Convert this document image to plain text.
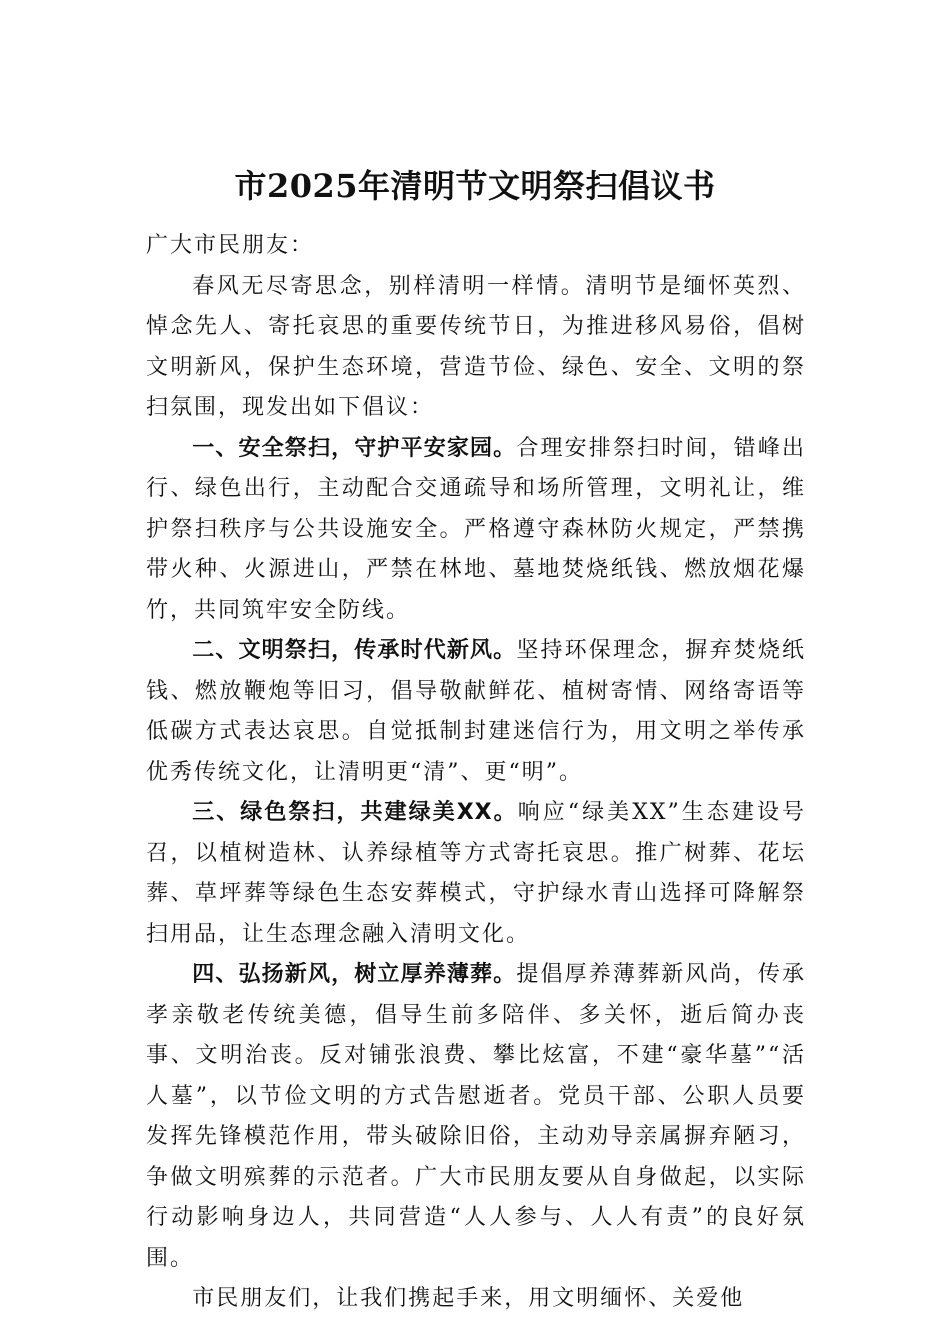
市2025年清明节文明祭扫倡议书

广大市民朋友：

春风无尽寄思念，别样清明一样情。清明节是缅怀英烈、悼念先人、寄托哀思的重要传统节日，为推进移风易俗，倡树文明新风，保护生态环境，营造节俭、绿色、安全、文明的祭扫氛围，现发出如下倡议：

一、安全祭扫，守护平安家园。合理安排祭扫时间，错峰出行、绿色出行，主动配合交通疏导和场所管理，文明礼让，维护祭扫秩序与公共设施安全。严格遵守森林防火规定，严禁携带火种、火源进山，严禁在林地、墓地焚烧纸钱、燃放烟花爆竹，共同筑牢安全防线。

二、文明祭扫，传承时代新风。坚持环保理念，摒弃焚烧纸钱、燃放鞭炮等旧习，倡导敬献鲜花、植树寄情、网络寄语等低碳方式表达哀思。自觉抵制封建迷信行为，用文明之举传承优秀传统文化，让清明更“清”、更“明”。

三、绿色祭扫，共建绿美XX。响应“绿美XX”生态建设号召，以植树造林、认养绿植等方式寄托哀思。推广树葬、花坛葬、草坪葬等绿色生态安葬模式，守护绿水青山选择可降解祭扫用品，让生态理念融入清明文化。

四、弘扬新风，树立厚养薄葬。提倡厚养薄葬新风尚，传承孝亲敬老传统美德，倡导生前多陪伴、多关怀，逝后简办丧事、文明治丧。反对铺张浪费、攀比炫富，不建“豪华墓”“活人墓”，以节俭文明的方式告慰逝者。党员干部、公职人员要发挥先锋模范作用，带头破除旧俗，主动劝导亲属摒弃陋习，争做文明殡葬的示范者。广大市民朋友要从自身做起，以实际行动影响身边人，共同营造“人人参与、人人有责”的良好氛围。

市民朋友们，让我们携起手来，用文明缅怀、关爱他
